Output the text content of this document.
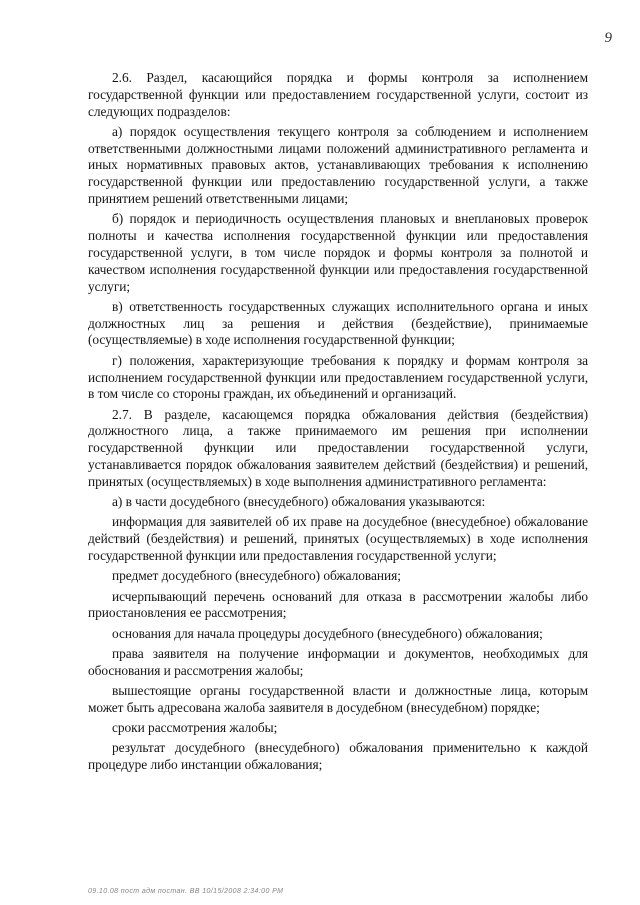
9

2.6. Раздел, касающийся порядка и формы контроля за исполнением государственной функции или предоставлением государственной услуги, состоит из следующих подразделов:

а) порядок осуществления текущего контроля за соблюдением и исполнением ответственными должностными лицами положений административного регламента и иных нормативных правовых актов, устанавливающих требования к исполнению государственной функции или предоставлению государственной услуги, а также принятием решений ответственными лицами;

б) порядок и периодичность осуществления плановых и внеплановых проверок полноты и качества исполнения государственной функции или предоставления государственной услуги, в том числе порядок и формы контроля за полнотой и качеством исполнения государственной функции или предоставления государственной услуги;

в) ответственность государственных служащих исполнительного органа и иных должностных лиц за решения и действия (бездействие), принимаемые (осуществляемые) в ходе исполнения государственной функции;

г) положения, характеризующие требования к порядку и формам контроля за исполнением государственной функции или предоставлением государственной услуги, в том числе со стороны граждан, их объединений и организаций.

2.7. В разделе, касающемся порядка обжалования действия (бездействия) должностного лица, а также принимаемого им решения при исполнении государственной функции или предоставлении государственной услуги, устанавливается порядок обжалования заявителем действий (бездействия) и решений, принятых (осуществляемых) в ходе выполнения административного регламента:

а) в части досудебного (внесудебного) обжалования указываются:

информация для заявителей об их праве на досудебное (внесудебное) обжалование действий (бездействия) и решений, принятых (осуществляемых) в ходе исполнения государственной функции или предоставления государственной услуги;

предмет досудебного (внесудебного) обжалования;

исчерпывающий перечень оснований для отказа в рассмотрении жалобы либо приостановления ее рассмотрения;

основания для начала процедуры досудебного (внесудебного) обжалования;

права заявителя на получение информации и документов, необходимых для обоснования и рассмотрения жалобы;

вышестоящие органы государственной власти и должностные лица, которым может быть адресована жалоба заявителя в досудебном (внесудебном) порядке;

сроки рассмотрения жалобы;

результат досудебного (внесудебного) обжалования применительно к каждой процедуре либо инстанции обжалования;

09.10.08 пост адм постан. ВВ 10/15/2008 2:34:00 PM
